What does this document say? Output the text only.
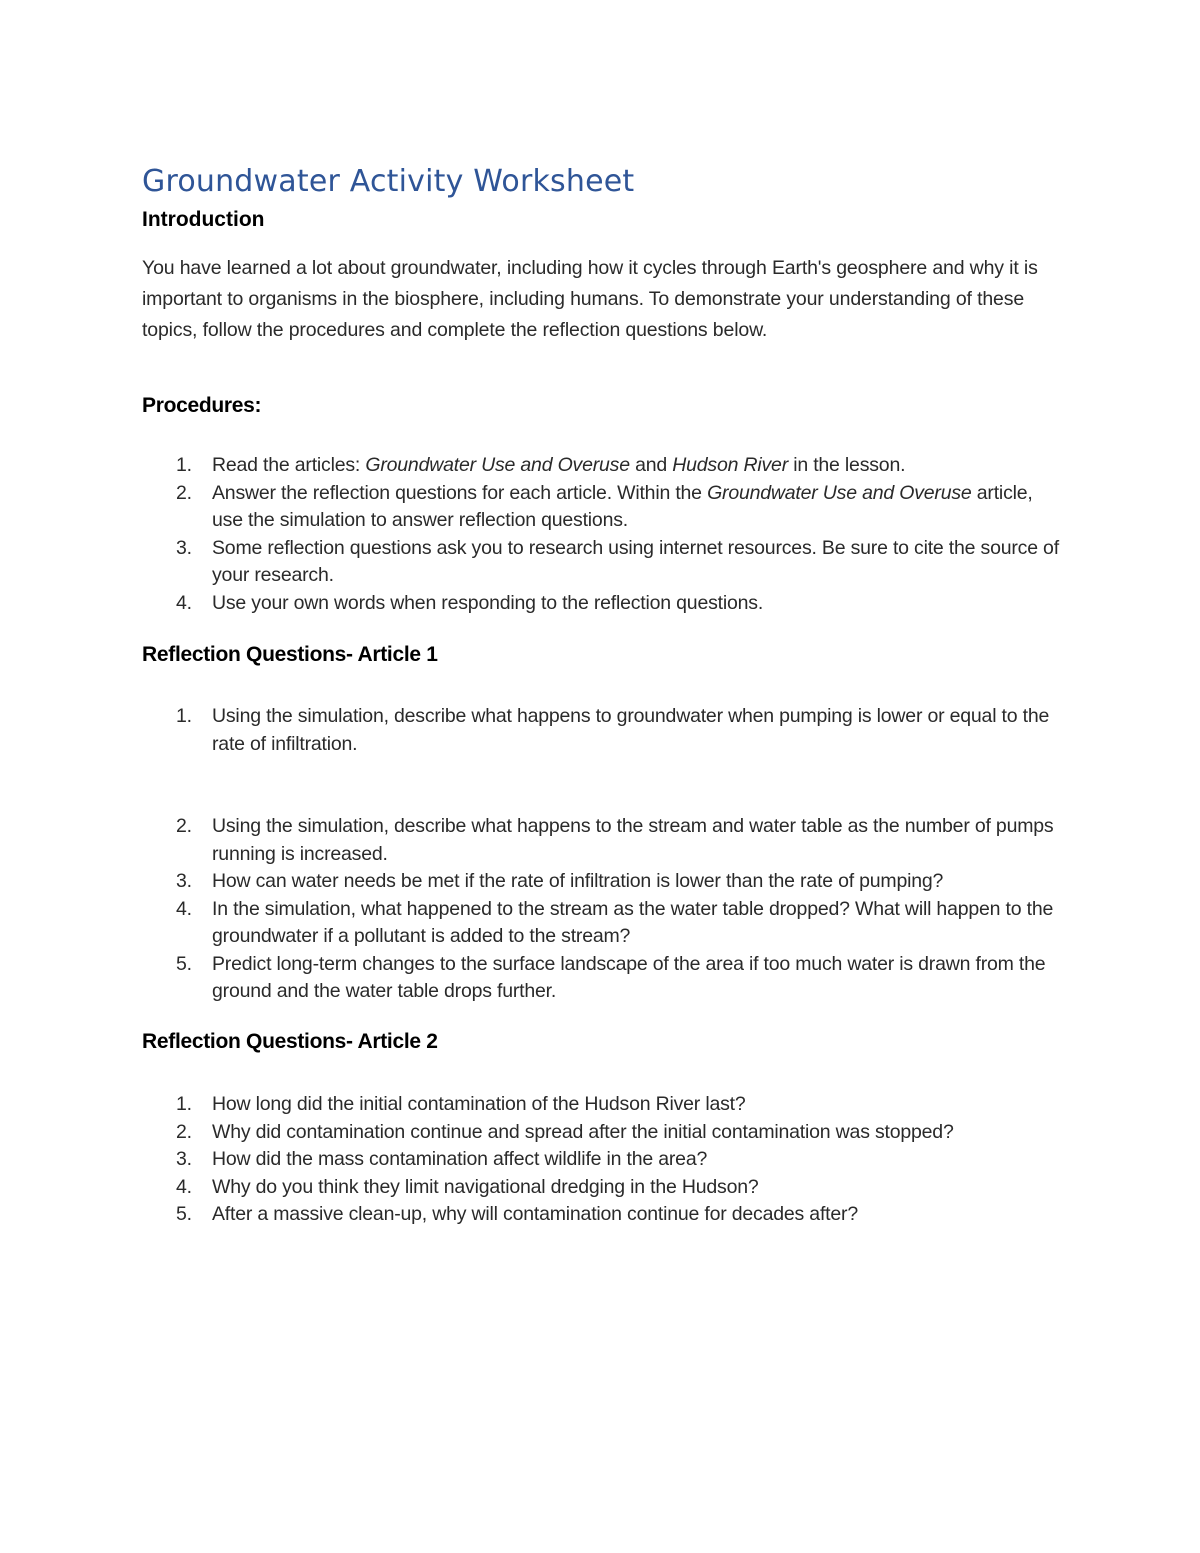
Groundwater Activity Worksheet
Introduction

You have learned a lot about groundwater, including how it cycles through Earth's geosphere and why it is important to organisms in the biosphere, including humans. To demonstrate your understanding of these topics, follow the procedures and complete the reflection questions below.

Procedures:
1. Read the articles: Groundwater Use and Overuse and Hudson River in the lesson.
2. Answer the reflection questions for each article. Within the Groundwater Use and Overuse article, use the simulation to answer reflection questions.
3. Some reflection questions ask you to research using internet resources. Be sure to cite the source of your research.
4. Use your own words when responding to the reflection questions.
Reflection Questions- Article 1
1. Using the simulation, describe what happens to groundwater when pumping is lower or equal to the rate of infiltration.
2. Using the simulation, describe what happens to the stream and water table as the number of pumps running is increased.
3. How can water needs be met if the rate of infiltration is lower than the rate of pumping?
4. In the simulation, what happened to the stream as the water table dropped? What will happen to the groundwater if a pollutant is added to the stream?
5. Predict long-term changes to the surface landscape of the area if too much water is drawn from the ground and the water table drops further.
Reflection Questions- Article 2
1. How long did the initial contamination of the Hudson River last?
2. Why did contamination continue and spread after the initial contamination was stopped?
3. How did the mass contamination affect wildlife in the area?
4. Why do you think they limit navigational dredging in the Hudson?
5. After a massive clean-up, why will contamination continue for decades after?
